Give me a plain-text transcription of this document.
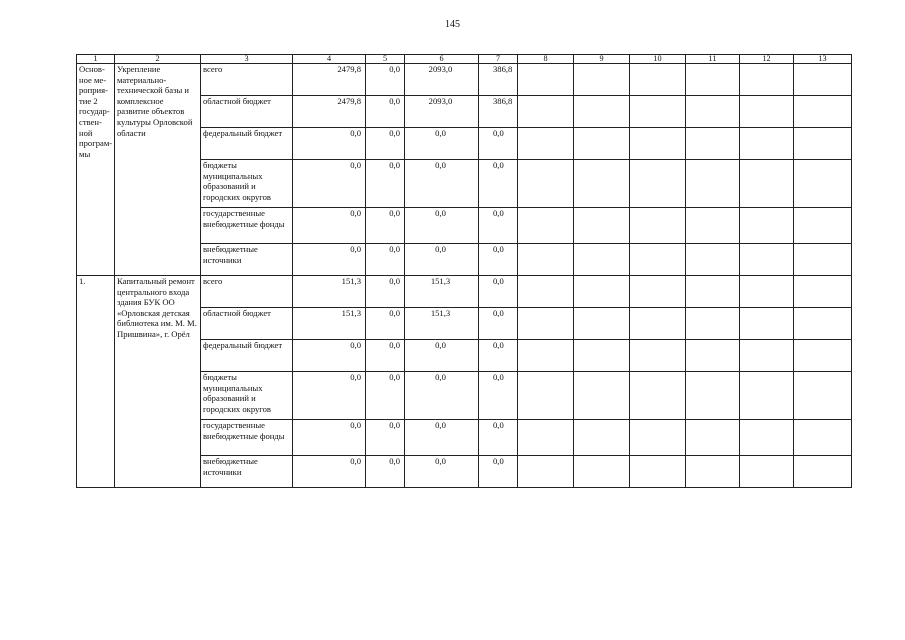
145
1	2	3	4	5	6	7	8	9	10	11	12	13
Основ-ное ме-роприя-тие 2 государ-ствен-ной програм-мы	Укрепление материально-технической базы и комплексное развитие объектов культуры Орловской области	всего	2479,8	0,0	2093,0	386,8						
		областной бюджет	2479,8	0,0	2093,0	386,8						
		федеральный бюджет	0,0	0,0	0,0	0,0						
		бюджеты муниципальных образований и городских округов	0,0	0,0	0,0	0,0						
		государственные внебюджетные фонды	0,0	0,0	0,0	0,0						
		внебюджетные источники	0,0	0,0	0,0	0,0						
1.	Капитальный ремонт центрального входа здания БУК ОО «Орловская детская библиотека им. М. М. Пришвина», г. Орёл	всего	151,3	0,0	151,3	0,0						
		областной бюджет	151,3	0,0	151,3	0,0						
		федеральный бюджет	0,0	0,0	0,0	0,0						
		бюджеты муниципальных образований и городских округов	0,0	0,0	0,0	0,0						
		государственные внебюджетные фонды	0,0	0,0	0,0	0,0						
		внебюджетные источники	0,0	0,0	0,0	0,0						
